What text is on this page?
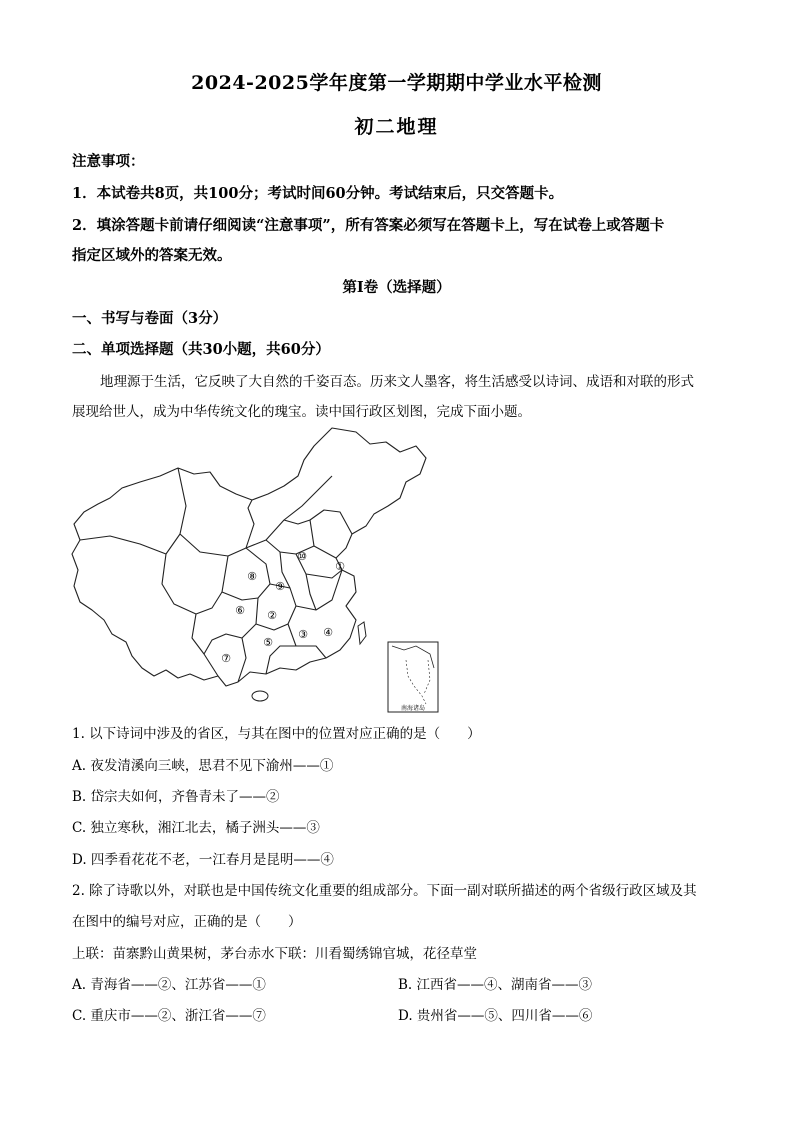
2024-2025学年度第一学期期中学业水平检测
初二地理
注意事项：
1．本试卷共8页，共100分；考试时间60分钟。考试结束后，只交答题卡。
2．填涂答题卡前请仔细阅读“注意事项”，所有答案必须写在答题卡上，写在试卷上或答题卡
指定区域外的答案无效。
第Ⅰ卷（选择题）
一、书写与卷面（3分）
二、单项选择题（共30小题，共60分）
地理源于生活，它反映了大自然的千姿百态。历来文人墨客，将生活感受以诗词、成语和对联的形式
展现给世人，成为中华传统文化的瑰宝。读中国行政区划图，完成下面小题。
①
②
③ ④
⑤
⑥
⑦
⑧
⑨
⑩
南海诸岛
1. 以下诗词中涉及的省区，与其在图中的位置对应正确的是（　　）
A. 夜发清溪向三峡，思君不见下渝州——①
B. 岱宗夫如何，齐鲁青未了——②
C. 独立寒秋，湘江北去，橘子洲头——③
D. 四季看花花不老，一江春月是昆明——④
2. 除了诗歌以外，对联也是中国传统文化重要的组成部分。下面一副对联所描述的两个省级行政区域及其
在图中的编号对应，正确的是（　　）
上联：苗寨黔山黄果树，茅台赤水下联：川看蜀绣锦官城，花径草堂
A. 青海省——②、江苏省——①	B. 江西省——④、湖南省——③
C. 重庆市——②、浙江省——⑦	D. 贵州省——⑤、四川省——⑥
